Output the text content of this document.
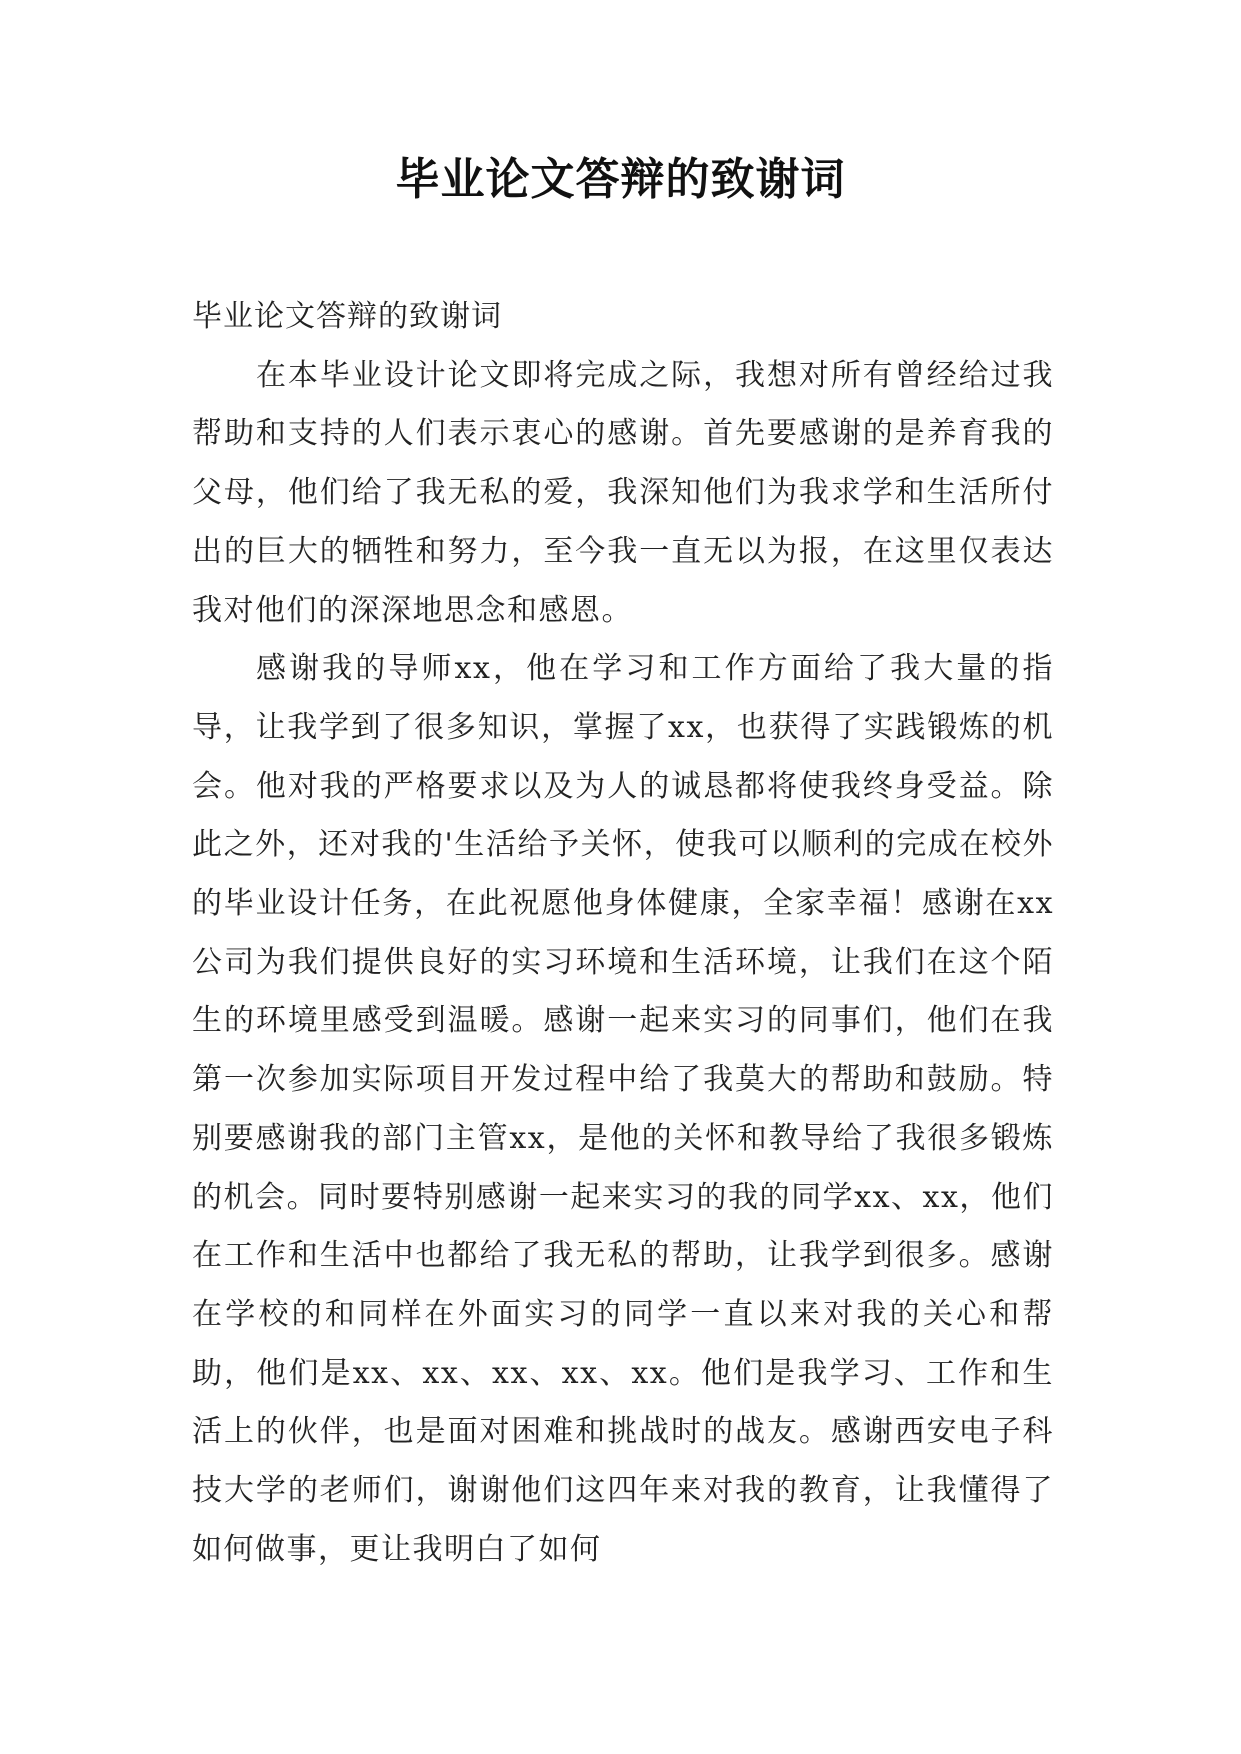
毕业论文答辩的致谢词
毕业论文答辩的致谢词

在本毕业设计论文即将完成之际，我想对所有曾经给过我帮助和支持的人们表示衷心的感谢。首先要感谢的是养育我的父母，他们给了我无私的爱，我深知他们为我求学和生活所付出的巨大的牺牲和努力，至今我一直无以为报，在这里仅表达我对他们的深深地思念和感恩。

感谢我的导师xx，他在学习和工作方面给了我大量的指导，让我学到了很多知识，掌握了xx，也获得了实践锻炼的机会。他对我的严格要求以及为人的诚恳都将使我终身受益。除此之外，还对我的'生活给予关怀，使我可以顺利的完成在校外的毕业设计任务，在此祝愿他身体健康，全家幸福！感谢在xx公司为我们提供良好的实习环境和生活环境，让我们在这个陌生的环境里感受到温暖。感谢一起来实习的同事们，他们在我第一次参加实际项目开发过程中给了我莫大的帮助和鼓励。特别要感谢我的部门主管xx，是他的关怀和教导给了我很多锻炼的机会。同时要特别感谢一起来实习的我的同学xx、xx，他们在工作和生活中也都给了我无私的帮助，让我学到很多。感谢在学校的和同样在外面实习的同学一直以来对我的关心和帮助，他们是xx、xx、xx、xx、xx。他们是我学习、工作和生活上的伙伴，也是面对困难和挑战时的战友。感谢西安电子科技大学的老师们，谢谢他们这四年来对我的教育，让我懂得了如何做事，更让我明白了如何
